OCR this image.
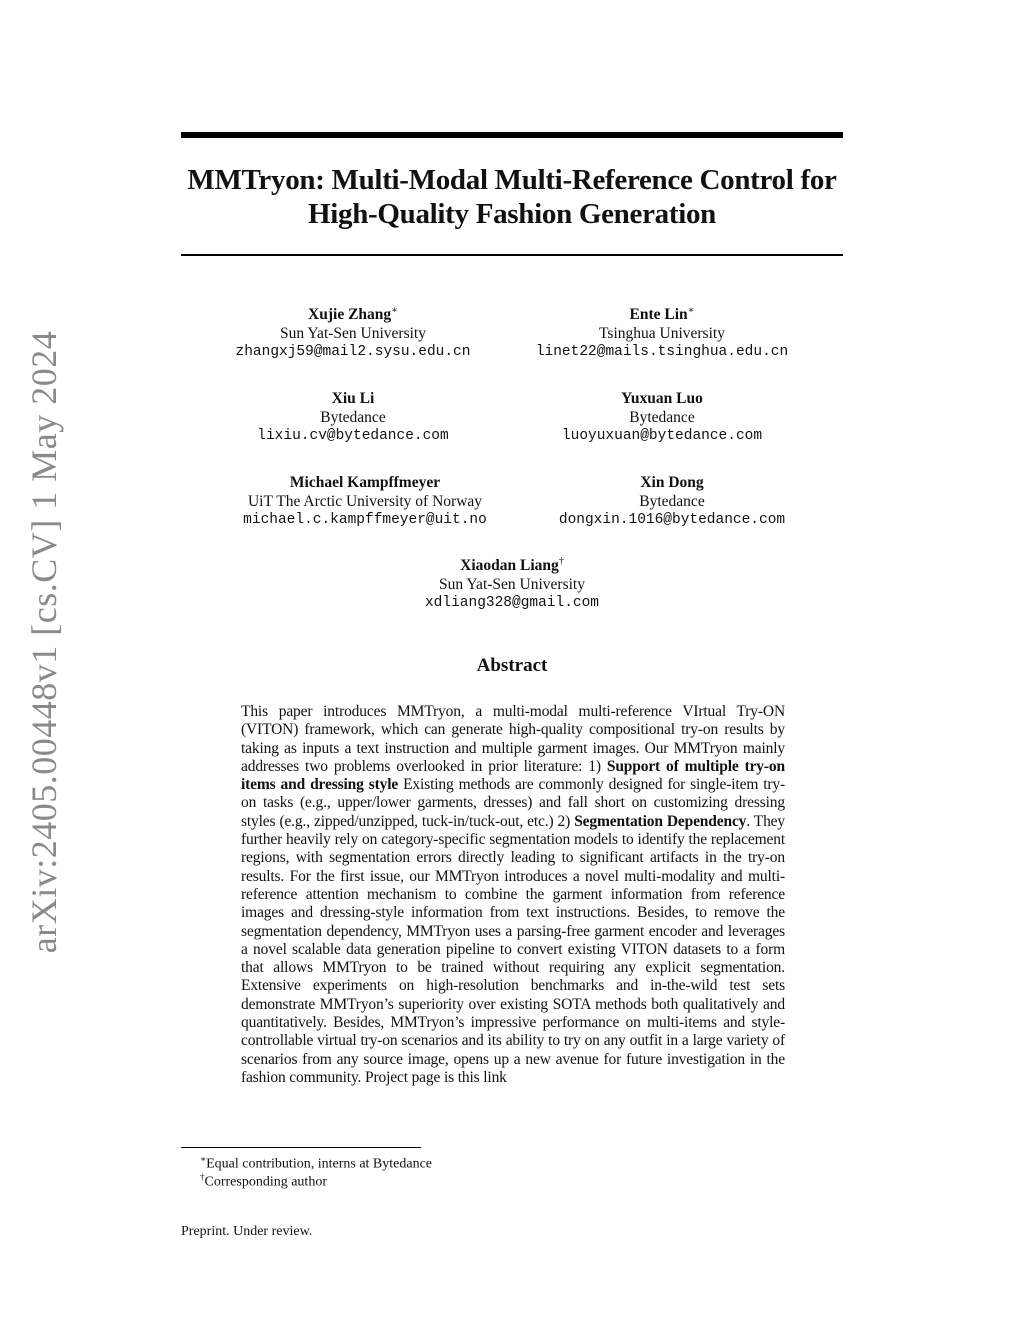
arXiv:2405.00448v1 [cs.CV] 1 May 2024
MMTryon: Multi-Modal Multi-Reference Control for
High-Quality Fashion Generation
Xujie Zhang∗
Sun Yat-Sen University
zhangxj59@mail2.sysu.edu.cn
Ente Lin∗
Tsinghua University
linet22@mails.tsinghua.edu.cn
Xiu Li
Bytedance
lixiu.cv@bytedance.com
Yuxuan Luo
Bytedance
luoyuxuan@bytedance.com
Michael Kampffmeyer
UiT The Arctic University of Norway
michael.c.kampffmeyer@uit.no
Xin Dong
Bytedance
dongxin.1016@bytedance.com
Xiaodan Liang†
Sun Yat-Sen University
xdliang328@gmail.com
Abstract

This paper introduces MMTryon, a multi-modal multi-reference VIrtual Try-ON (VITON) framework, which can generate high-quality compositional try-on results by taking as inputs a text instruction and multiple garment images. Our MMTryon mainly addresses two problems overlooked in prior literature: 1) Support of multiple try-on items and dressing style Existing methods are commonly designed for single-item try-on tasks (e.g., upper/lower garments, dresses) and fall short on customizing dressing styles (e.g., zipped/unzipped, tuck-in/tuck-out, etc.) 2) Segmentation Dependency. They further heavily rely on category-specific segmentation models to identify the replacement regions, with segmentation errors directly leading to significant artifacts in the try-on results. For the first issue, our MMTryon introduces a novel multi-modality and multi-reference attention mechanism to combine the garment information from reference images and dressing-style information from text instructions. Besides, to remove the segmentation dependency, MMTryon uses a parsing-free garment encoder and leverages a novel scalable data generation pipeline to convert existing VITON datasets to a form that allows MMTryon to be trained without requiring any explicit segmentation. Extensive experiments on high-resolution benchmarks and in-the-wild test sets demonstrate MMTryon’s superiority over existing SOTA methods both qualitatively and quantitatively. Besides, MMTryon’s impressive performance on multi-items and style-controllable virtual try-on scenarios and its ability to try on any outfit in a large variety of scenarios from any source image, opens up a new avenue for future investigation in the fashion community. Project page is this link

∗Equal contribution, interns at Bytedance
†Corresponding author
Preprint. Under review.
